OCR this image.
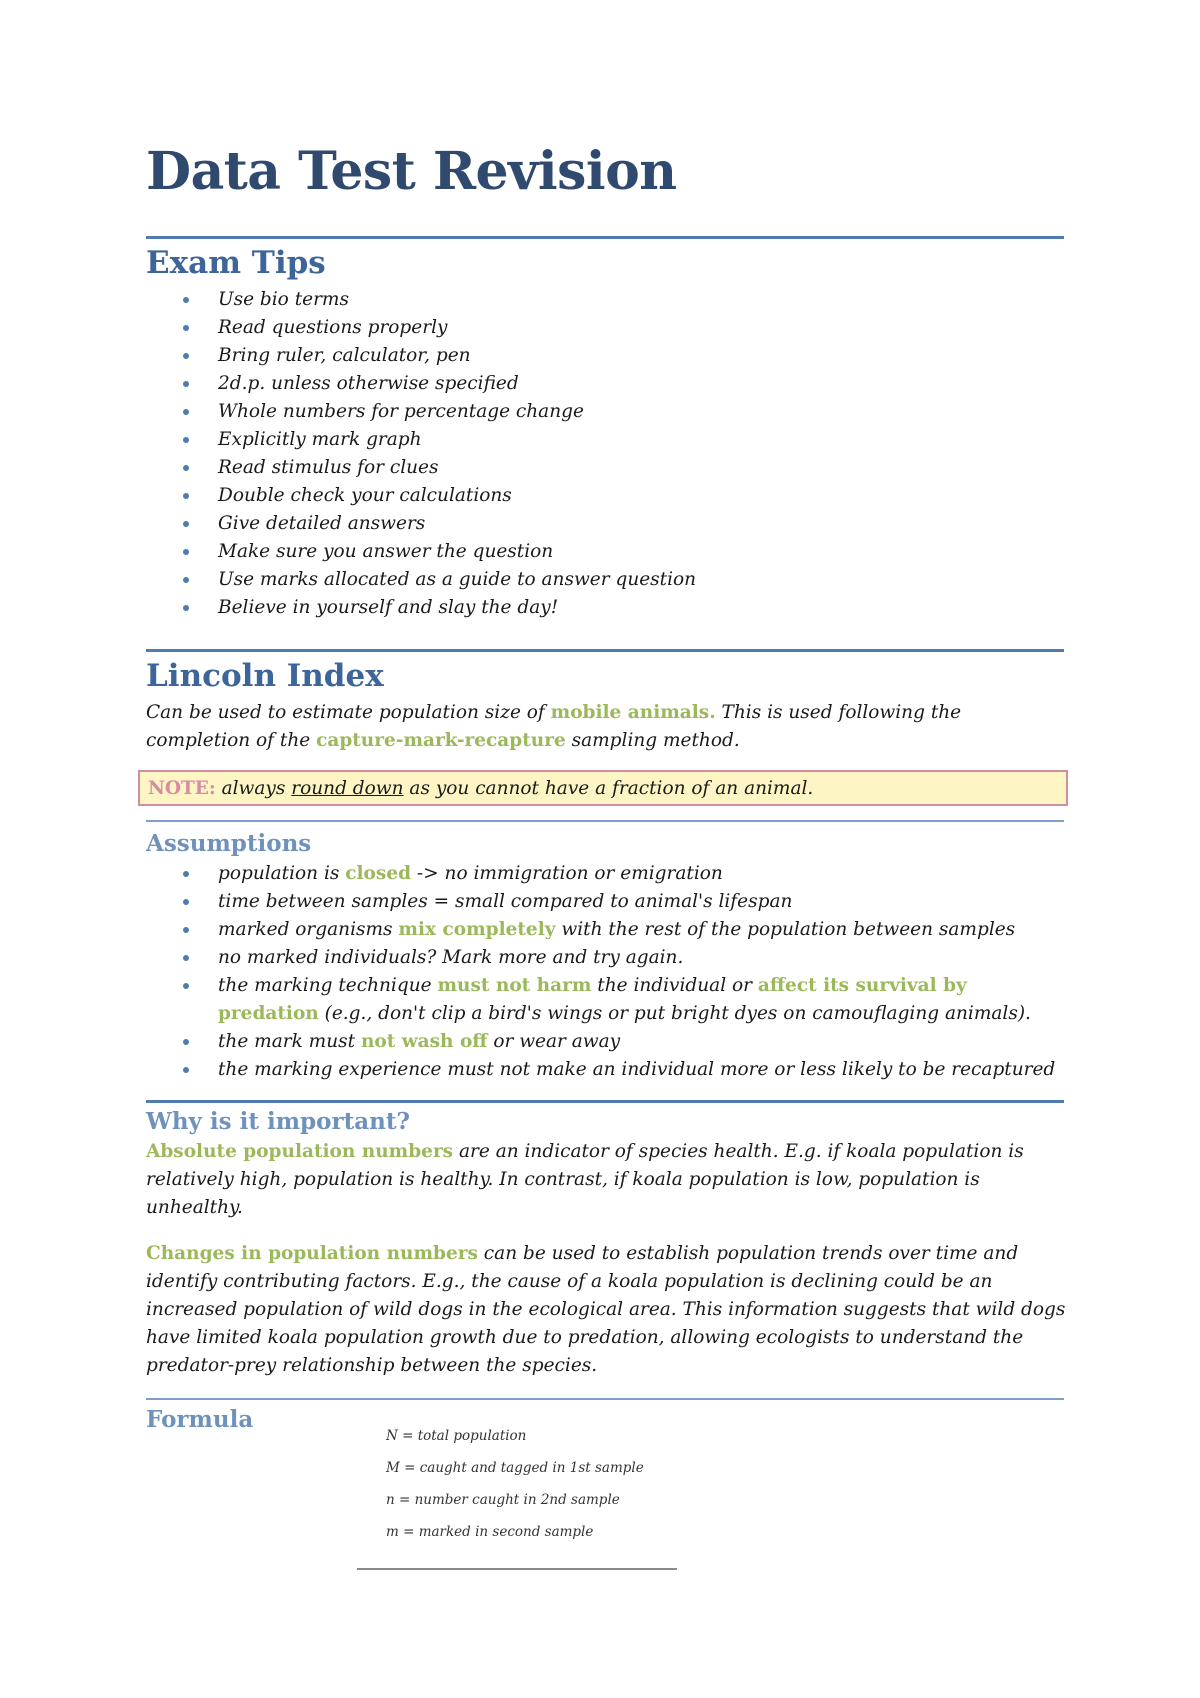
Data Test Revision
Exam Tips
Use bio terms
Read questions properly
Bring ruler, calculator, pen
2d.p. unless otherwise specified
Whole numbers for percentage change
Explicitly mark graph
Read stimulus for clues
Double check your calculations
Give detailed answers
Make sure you answer the question
Use marks allocated as a guide to answer question
Believe in yourself and slay the day!
Lincoln Index

Can be used to estimate population size of mobile animals. This is used following the completion of the capture-mark-recapture sampling method.

NOTE: always round down as you cannot have a fraction of an animal.
Assumptions
population is closed -> no immigration or emigration
time between samples = small compared to animal's lifespan
marked organisms mix completely with the rest of the population between samples
no marked individuals? Mark more and try again.
the marking technique must not harm the individual or affect its survival by predation (e.g., don't clip a bird's wings or put bright dyes on camouflaging animals).
the mark must not wash off or wear away
the marking experience must not make an individual more or less likely to be recaptured
Why is it important?

Absolute population numbers are an indicator of species health. E.g. if koala population is relatively high, population is healthy. In contrast, if koala population is low, population is unhealthy.

Changes in population numbers can be used to establish population trends over time and identify contributing factors. E.g., the cause of a koala population is declining could be an increased population of wild dogs in the ecological area. This information suggests that wild dogs have limited koala population growth due to predation, allowing ecologists to understand the predator-prey relationship between the species.

Formula
N = total population
M = caught and tagged in 1st sample
n = number caught in 2nd sample
m = marked in second sample
